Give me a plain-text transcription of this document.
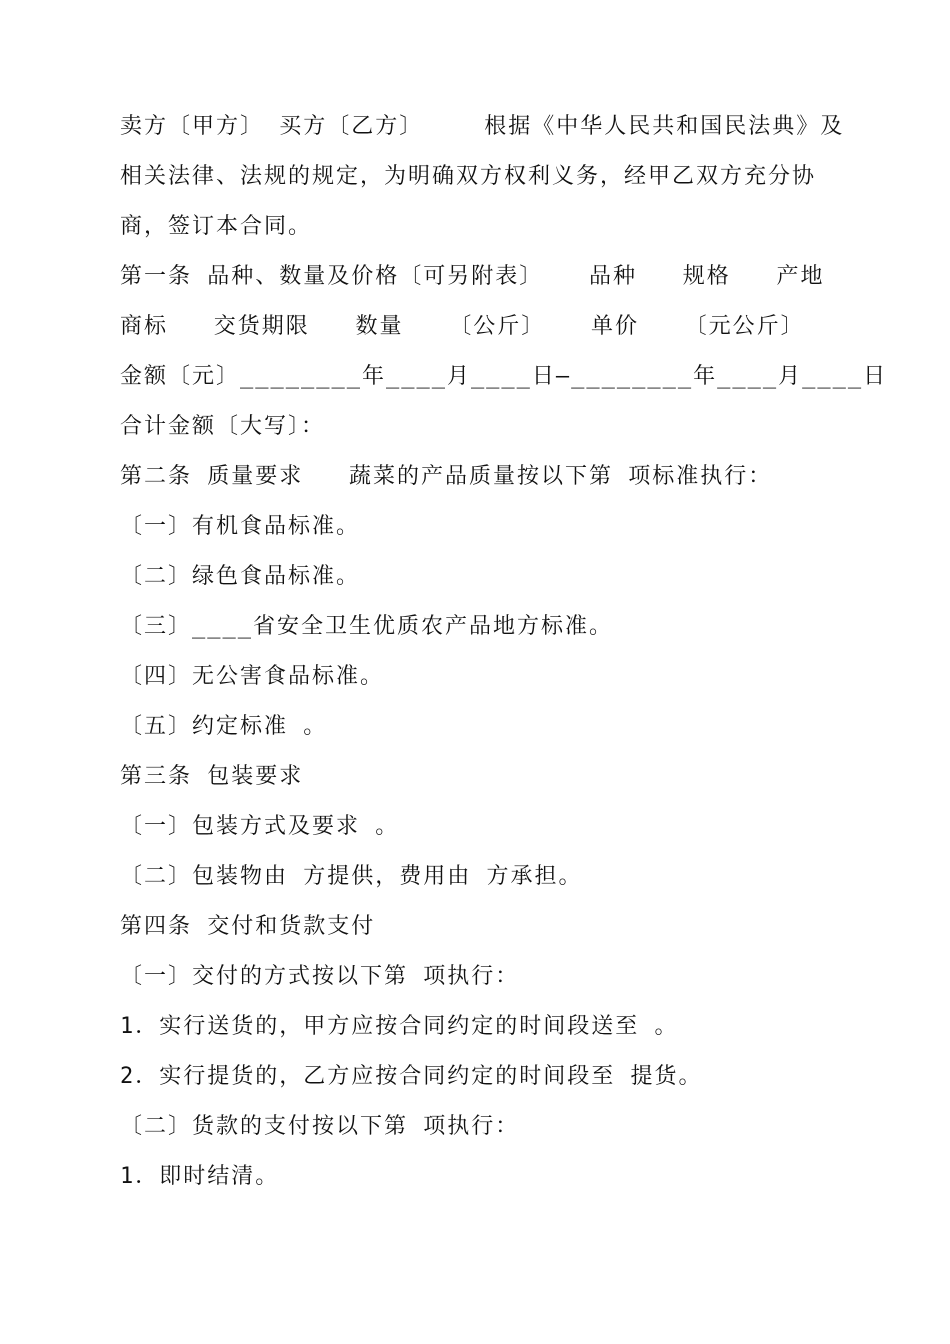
卖方〔甲方〕 买方〔乙方〕    根据《中华人民共和国民法典》及
相关法律、法规的规定，为明确双方权利义务，经甲乙双方充分协
商，签订本合同。
第一条 品种、数量及价格〔可另附表〕   品种   规格   产地
商标   交货期限   数量   〔公斤〕   单价   〔元公斤〕
金额〔元〕________年____月____日—________年____月____日
合计金额〔大写〕：
第二条 质量要求   蔬菜的产品质量按以下第 项标准执行：
〔一〕有机食品标准。
〔二〕绿色食品标准。
〔三〕____省安全卫生优质农产品地方标准。
〔四〕无公害食品标准。
〔五〕约定标准 。
第三条 包装要求
〔一〕包装方式及要求 。
〔二〕包装物由 方提供，费用由 方承担。
第四条 交付和货款支付
〔一〕交付的方式按以下第 项执行：
1．实行送货的，甲方应按合同约定的时间段送至 。
2．实行提货的，乙方应按合同约定的时间段至 提货。
〔二〕货款的支付按以下第 项执行：
1．即时结清。
